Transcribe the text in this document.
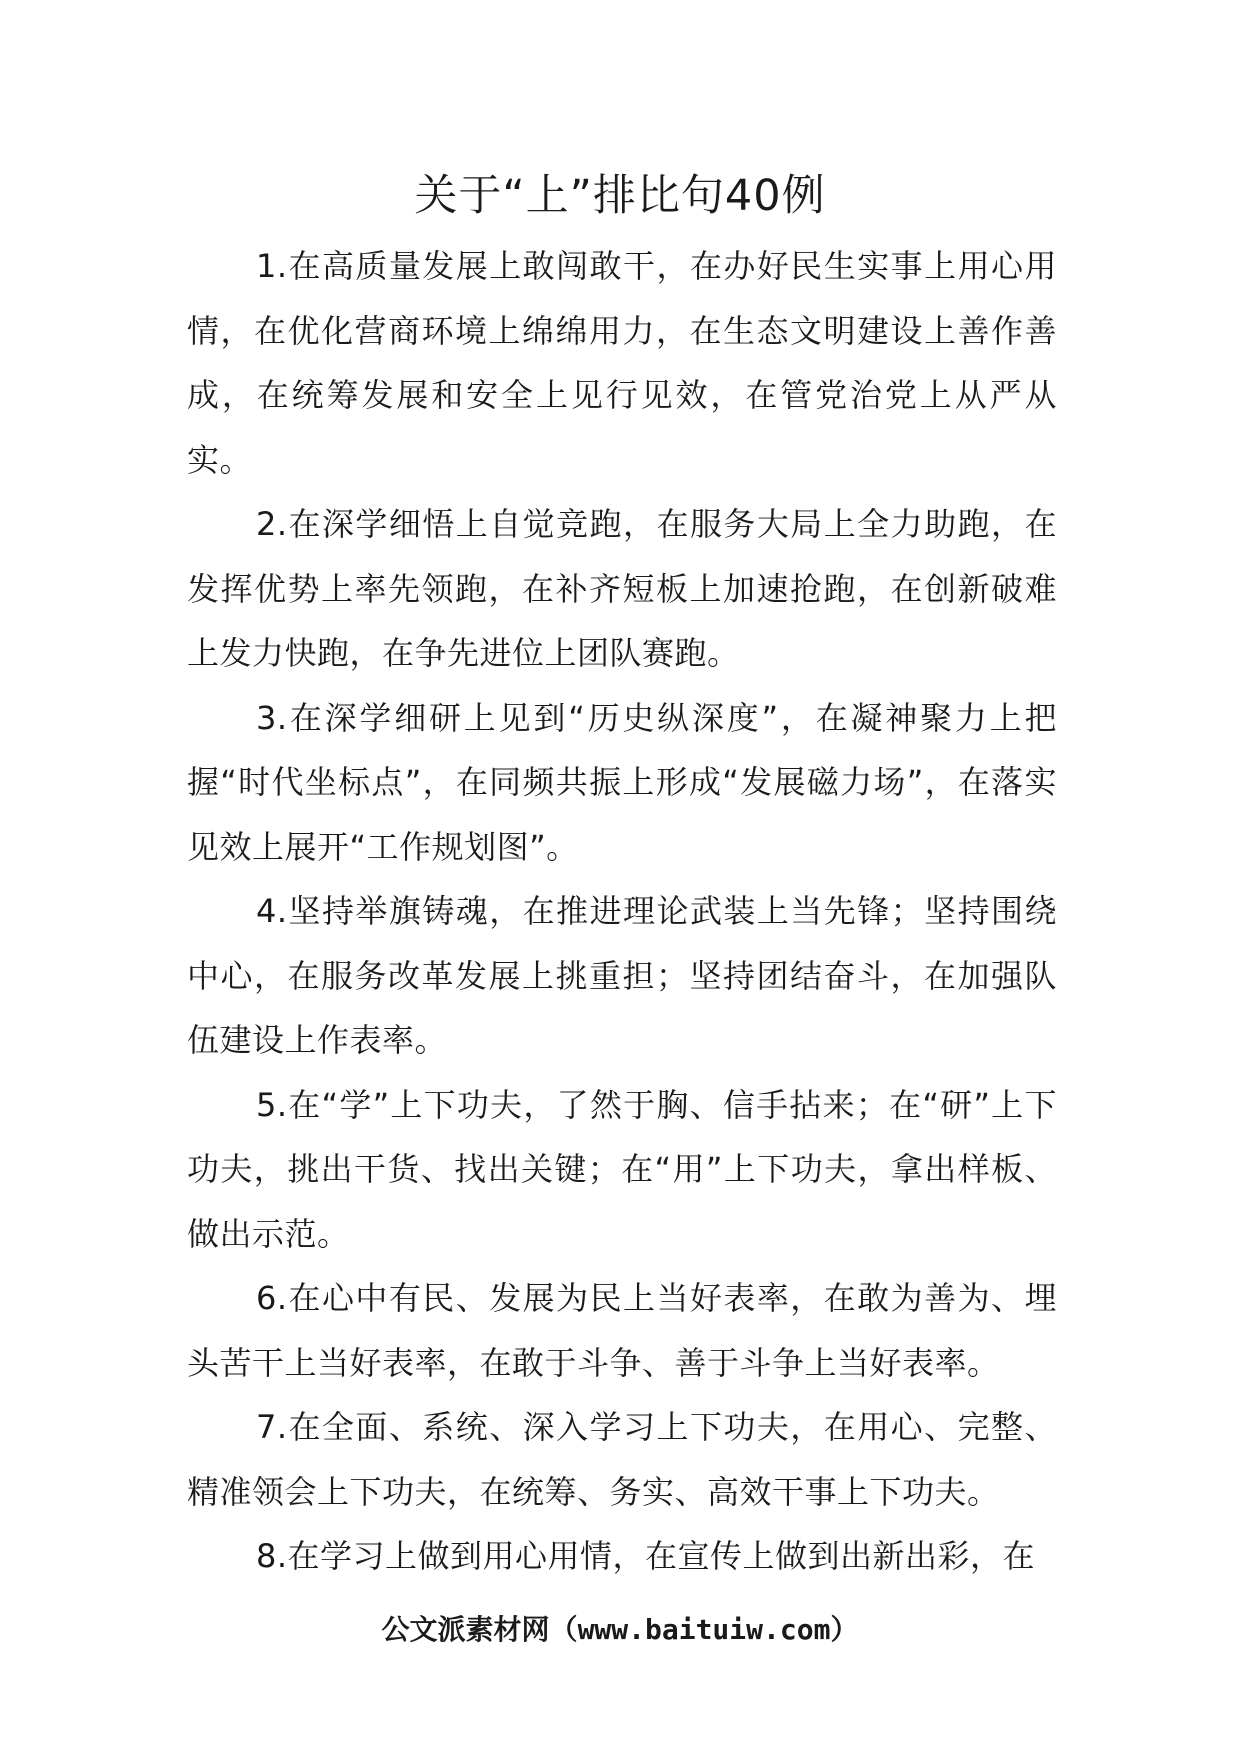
关于“上”排比句40例

1.在高质量发展上敢闯敢干，在办好民生实事上用心用情，在优化营商环境上绵绵用力，在生态文明建设上善作善成，在统筹发展和安全上见行见效，在管党治党上从严从实。

2.在深学细悟上自觉竞跑，在服务大局上全力助跑，在发挥优势上率先领跑，在补齐短板上加速抢跑，在创新破难上发力快跑，在争先进位上团队赛跑。

3.在深学细研上见到“历史纵深度”，在凝神聚力上把握“时代坐标点”，在同频共振上形成“发展磁力场”，在落实见效上展开“工作规划图”。

4.坚持举旗铸魂，在推进理论武装上当先锋；坚持围绕中心，在服务改革发展上挑重担；坚持团结奋斗，在加强队伍建设上作表率。

5.在“学”上下功夫，了然于胸、信手拈来；在“研”上下功夫，挑出干货、找出关键；在“用”上下功夫，拿出样板、做出示范。

6.在心中有民、发展为民上当好表率，在敢为善为、埋头苦干上当好表率，在敢于斗争、善于斗争上当好表率。

7.在全面、系统、深入学习上下功夫，在用心、完整、精准领会上下功夫，在统筹、务实、高效干事上下功夫。

8.在学习上做到用心用情，在宣传上做到出新出彩，在

公文派素材网（www.baituiw.com）
